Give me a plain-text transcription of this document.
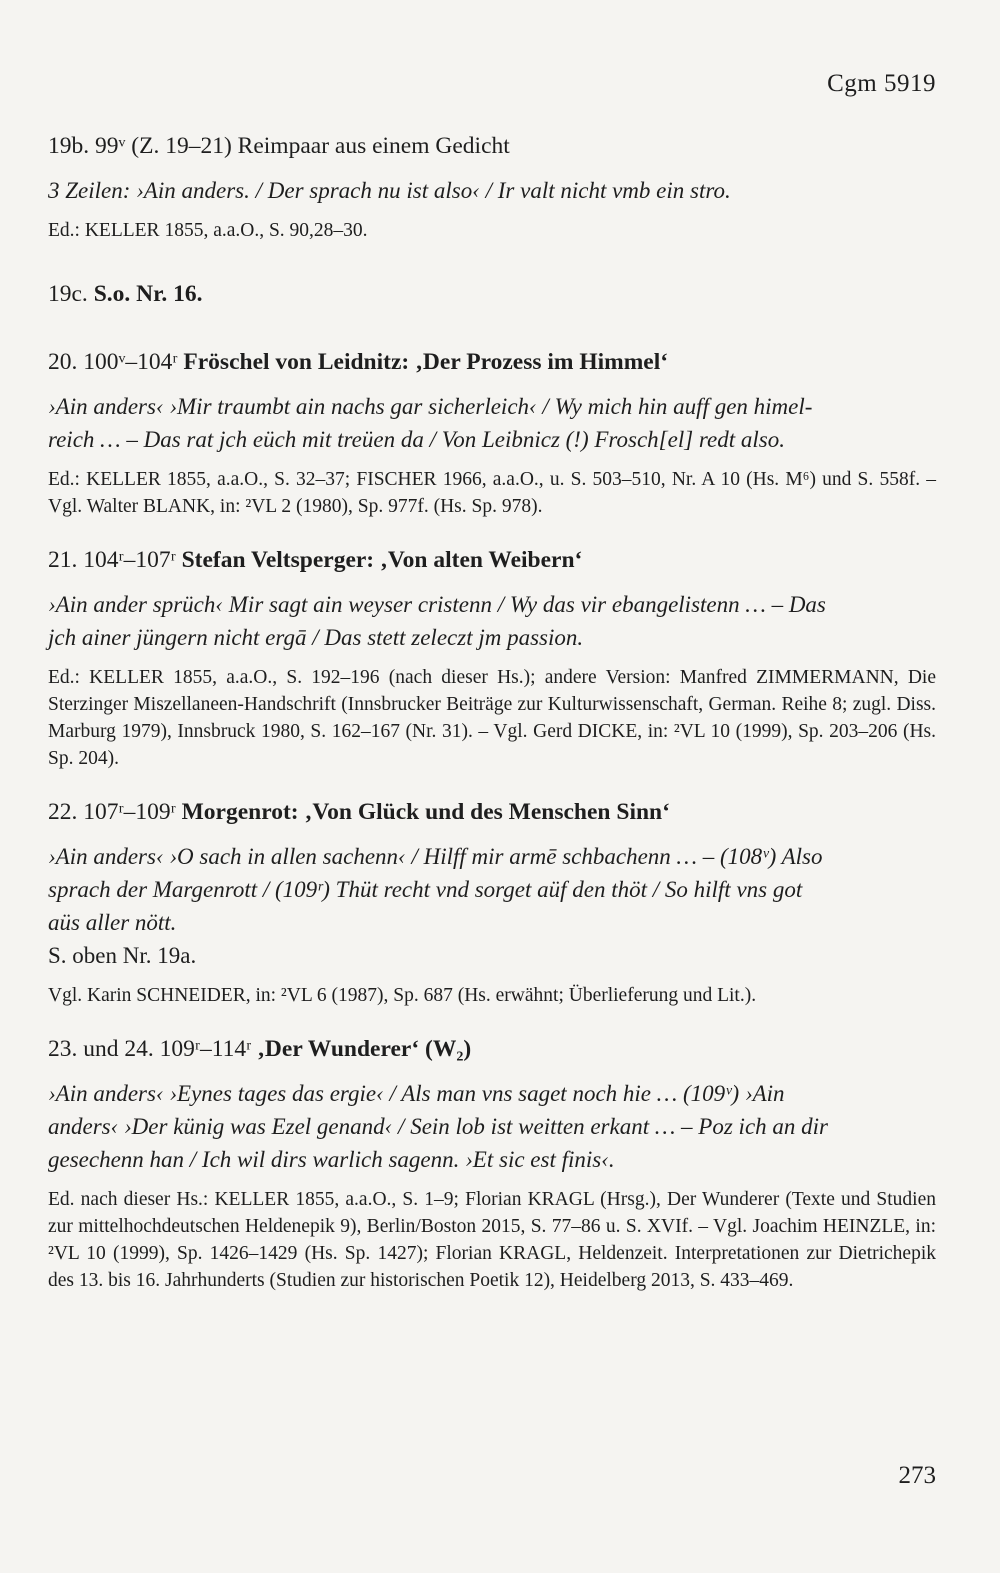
Cgm 5919

19b. 99ᵛ (Z. 19–21) Reimpaar aus einem Gedicht

3 Zeilen: ›Ain anders. / Der sprach nu ist also‹ / Ir valt nicht vmb ein stro.

Ed.: KELLER 1855, a.a.O., S. 90,28–30.

19c. S.o. Nr. 16.

20. 100ᵛ–104ʳ Fröschel von Leidnitz: ‚Der Prozess im Himmel‘

›Ain anders‹ ›Mir traumbt ain nachs gar sicherleich‹ / Wy mich hin auff gen himel-

reich … – Das rat jch eüch mit treüen da / Von Leibnicz (!) Frosch[el] redt also.

Ed.: KELLER 1855, a.a.O., S. 32–37; FISCHER 1966, a.a.O., u. S. 503–510, Nr. A 10 (Hs. M⁶) und S. 558f. – Vgl. Walter BLANK, in: ²VL 2 (1980), Sp. 977f. (Hs. Sp. 978).

21. 104ʳ–107ʳ Stefan Veltsperger: ‚Von alten Weibern‘

›Ain ander sprüch‹ Mir sagt ain weyser cristenn / Wy das vir ebangelistenn … – Das

jch ainer jüngern nicht ergā / Das stett zeleczt jm passion.

Ed.: KELLER 1855, a.a.O., S. 192–196 (nach dieser Hs.); andere Version: Manfred ZIMMERMANN, Die Sterzinger Miszellaneen-Handschrift (Innsbrucker Beiträge zur Kulturwissenschaft, German. Reihe 8; zugl. Diss. Marburg 1979), Innsbruck 1980, S. 162–167 (Nr. 31). – Vgl. Gerd DICKE, in: ²VL 10 (1999), Sp. 203–206 (Hs. Sp. 204).

22. 107ʳ–109ʳ Morgenrot: ‚Von Glück und des Menschen Sinn‘

›Ain anders‹ ›O sach in allen sachenn‹ / Hilff mir armē schbachenn … – (108ᵛ) Also

sprach der Margenrott / (109ʳ) Thüt recht vnd sorget aüf den thöt / So hilft vns got

aüs aller nött.

S. oben Nr. 19a.

Vgl. Karin SCHNEIDER, in: ²VL 6 (1987), Sp. 687 (Hs. erwähnt; Überlieferung und Lit.).

23. und 24. 109ʳ–114ʳ ‚Der Wunderer‘ (W₂)

›Ain anders‹ ›Eynes tages das ergie‹ / Als man vns saget noch hie … (109ᵛ) ›Ain

anders‹ ›Der künig was Ezel genand‹ / Sein lob ist weitten erkant … – Poz ich an dir

gesechenn han / Ich wil dirs warlich sagenn. ›Et sic est finis‹.

Ed. nach dieser Hs.: KELLER 1855, a.a.O., S. 1–9; Florian KRAGL (Hrsg.), Der Wunderer (Texte und Studien zur mittelhochdeutschen Heldenepik 9), Berlin/Boston 2015, S. 77–86 u. S. XVIf. – Vgl. Joachim HEINZLE, in: ²VL 10 (1999), Sp. 1426–1429 (Hs. Sp. 1427); Florian KRAGL, Heldenzeit. Interpretationen zur Dietrichepik des 13. bis 16. Jahrhunderts (Studien zur historischen Poetik 12), Heidelberg 2013, S. 433–469.

273
